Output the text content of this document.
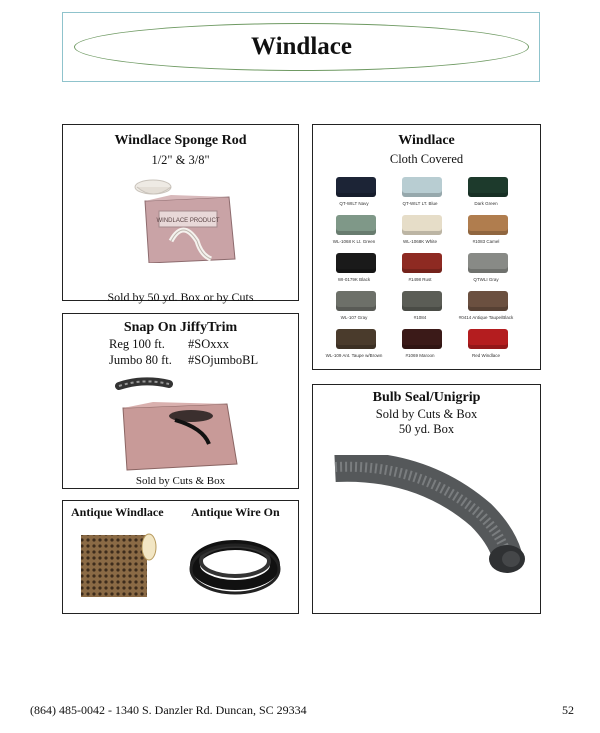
Windlace
Windlace Sponge Rod
1/2" & 3/8"
WINDLACE PRODUCT
Sold by 50 yd. Box or by Cuts
Windlace
Cloth Covered
QT-WILT Navy	QT-WILT LT. Blue	Dark Green
WL-1068 K Lt. Green	WL-1068K White	#1083 Camel
WI-0179K Black	#1498 Rust	QTWLI Gray
WL-107 Gray	#1084	#0414 Antique Taupe/Black
WL-109 Ant. Taupe w/Brown	#1069 Maroon	Red Windlace
Snap On JiffyTrim
Reg 100 ft. #SOxxx
Jumbo 80 ft. #SOjumboBL
Sold by Cuts & Box
Bulb Seal/Unigrip
Sold by Cuts & Box
50 yd. Box
Antique Windlace Antique Wire On
(864) 485-0042 - 1340 S. Danzler Rd. Duncan, SC 29334	52
